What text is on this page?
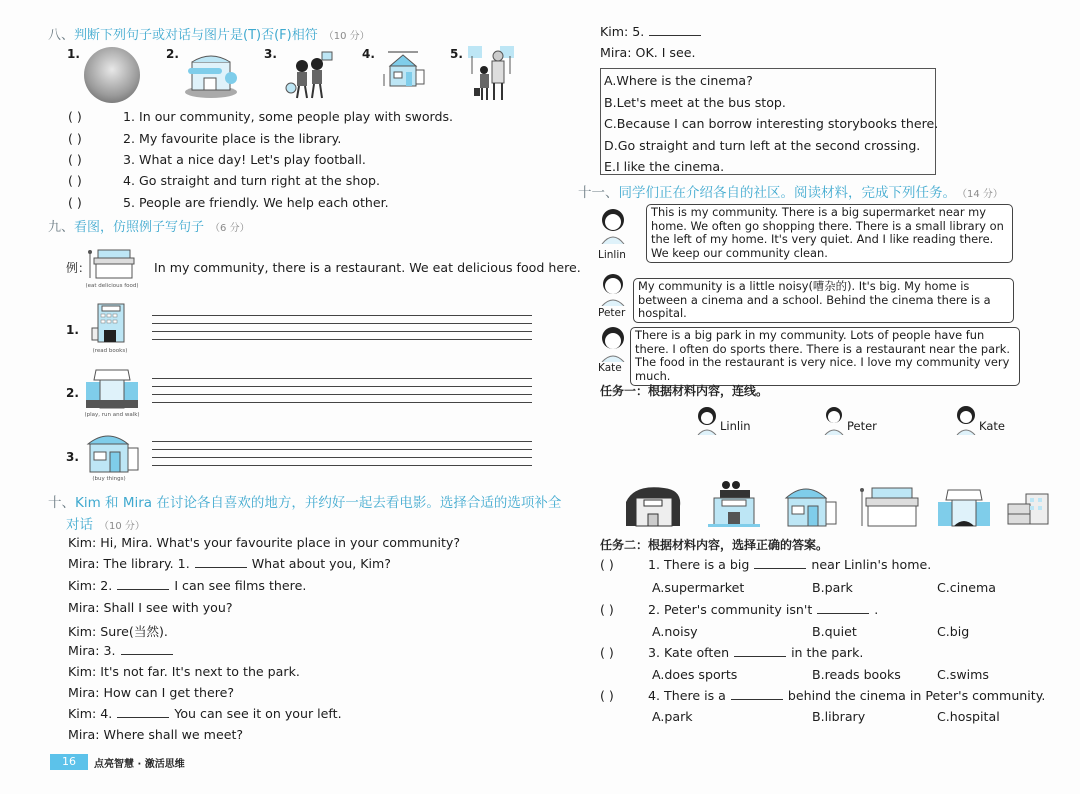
八、判断下列句子或对话与图片是(T)否(F)相符 （10 分）
1.	2.	3.	4.	5.
( )	1. In our community, some people play with swords.
( )	2. My favourite place is the library.
( )	3. What a nice day! Let's play football.
( )	4. Go straight and turn right at the shop.
( )	5. People are friendly. We help each other.
九、看图，仿照例子写句子 （6 分）
例：
(eat delicious food)
In my community, there is a restaurant. We eat delicious food here.
1.
(read books)
2.
(play, run and walk)
3.
(buy things)
十、Kim 和 Mira 在讨论各自喜欢的地方，并约好一起去看电影。选择合适的选项补全
对话 （10 分）
Kim: Hi, Mira. What's your favourite place in your community?
Mira: The library. 1.	What about you, Kim?
Kim: 2.	I can see films there.
Mira: Shall I see with you?
Kim: Sure(当然).
Mira: 3.
Kim: It's not far. It's next to the park.
Mira: How can I get there?
Kim: 4.	You can see it on your left.
Mira: Where shall we meet?
16	点亮智慧 · 激活思维
Kim: 5.
Mira: OK. I see.
A.Where is the cinema?
B.Let's meet at the bus stop.
C.Because I can borrow interesting storybooks there.
D.Go straight and turn left at the second crossing.
E.I like the cinema.
十一、同学们正在介绍各自的社区。阅读材料，完成下列任务。 （14 分）
Linlin
This is my community. There is a big supermarket near my home. We often go shopping there. There is a small library on the left of my home. It's very quiet. And I like reading there. We keep our community clean.
Peter
My community is a little noisy(嘈杂的). It's big. My home is between a cinema and a school. Behind the cinema there is a hospital.
Kate
There is a big park in my community. Lots of people have fun there. I often do sports there. There is a restaurant near the park. The food in the restaurant is very nice. I love my community very much.
任务一：根据材料内容，连线。
Linlin	Peter	Kate
任务二：根据材料内容，选择正确的答案。
( )	1. There is a big	near Linlin's home.
A.supermarket	B.park	C.cinema
( )	2. Peter's community isn't	.
A.noisy	B.quiet	C.big
( )	3. Kate often	in the park.
A.does sports	B.reads books	C.swims
( )	4. There is a	behind the cinema in Peter's community.
A.park	B.library	C.hospital
